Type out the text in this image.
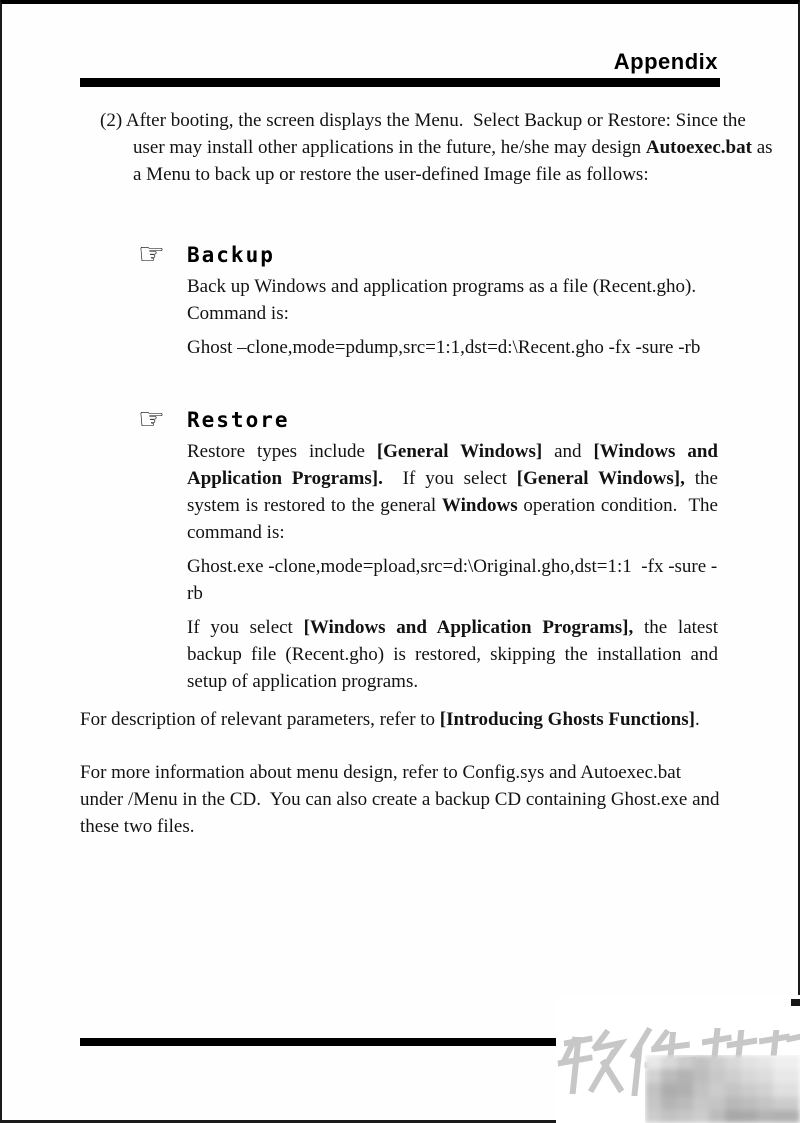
Appendix
(2) After booting, the screen displays the Menu.  Select Backup or Restore: Since the user may install other applications in the future, he/she may design Autoexec.bat as a Menu to back up or restore the user-defined Image file as follows:
☞	Backup

Back up Windows and application programs as a file (Recent.gho). Command is:

Ghost –clone,mode=pdump,src=1:1,dst=d:\Recent.gho -fx -sure -rb

☞	Restore

Restore types include [General Windows] and [Windows and Application Programs].  If you select [General Windows], the system is restored to the general Windows operation condition.  The command is:

Ghost.exe -clone,mode=pload,src=d:\Original.gho,dst=1:1  -fx -sure -rb

If you select [Windows and Application Programs], the latest backup file (Recent.gho) is restored, skipping the installation and setup of application programs.

For description of relevant parameters, refer to [Introducing Ghosts Functions].

For more information about menu design, refer to Config.sys and Autoexec.bat under /Menu in the CD.  You can also create a backup CD containing Ghost.exe and these two files.
